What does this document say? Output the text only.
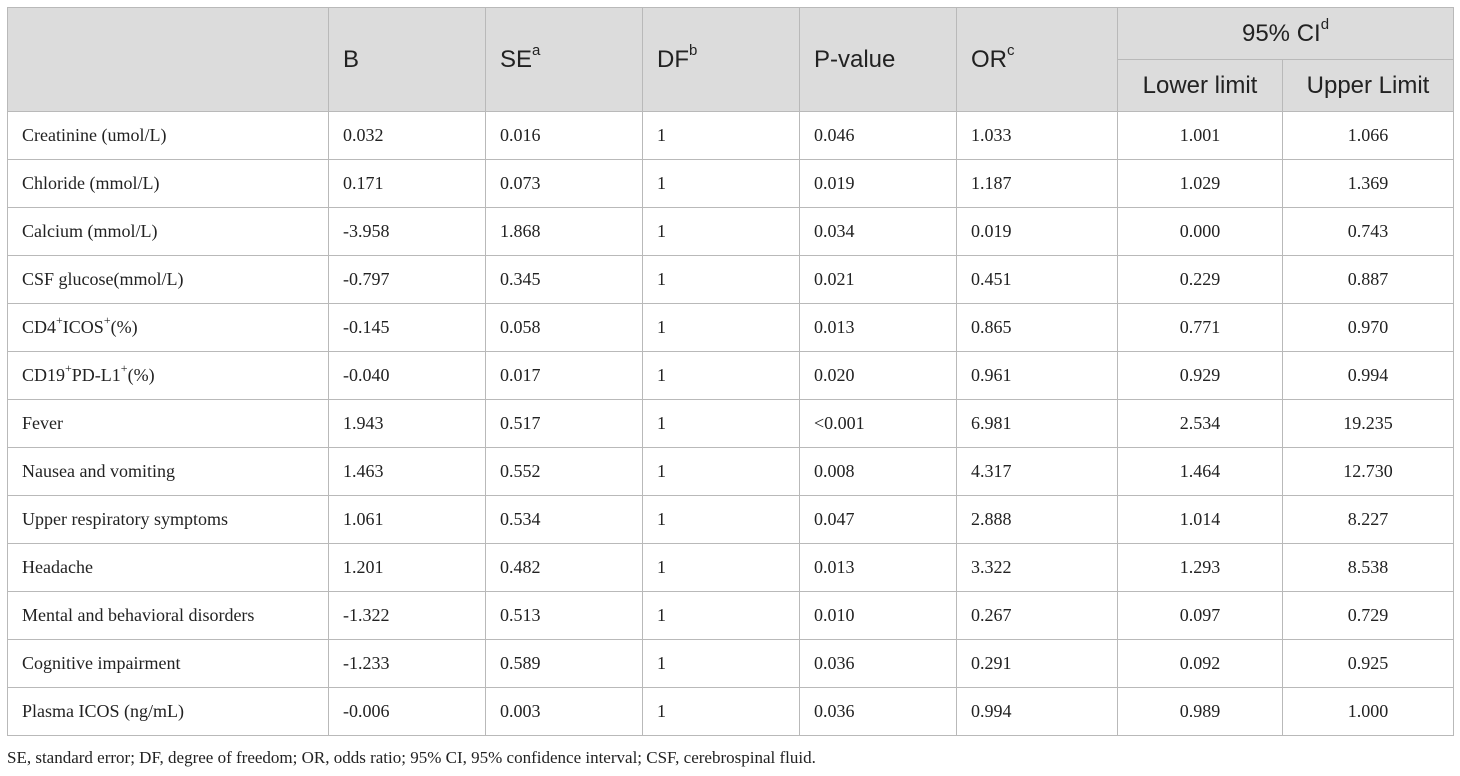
	B	$SE^a$	$DF^b$	P-value	$OR^c$	95% $CI^d$
						Lower limit	Upper Limit
Creatinine (umol/L)	0.032	0.016	1	0.046	1.033	1.001	1.066
Chloride (mmol/L)	0.171	0.073	1	0.019	1.187	1.029	1.369
Calcium (mmol/L)	-3.958	1.868	1	0.034	0.019	0.000	0.743
CSF glucose(mmol/L)	-0.797	0.345	1	0.021	0.451	0.229	0.887
CD4+ICOS+(%)	-0.145	0.058	1	0.013	0.865	0.771	0.970
CD19+PD-L1+(%)	-0.040	0.017	1	0.020	0.961	0.929	0.994
Fever	1.943	0.517	1	<0.001	6.981	2.534	19.235
Nausea and vomiting	1.463	0.552	1	0.008	4.317	1.464	12.730
Upper respiratory symptoms	1.061	0.534	1	0.047	2.888	1.014	8.227
Headache	1.201	0.482	1	0.013	3.322	1.293	8.538
Mental and behavioral disorders	-1.322	0.513	1	0.010	0.267	0.097	0.729
Cognitive impairment	-1.233	0.589	1	0.036	0.291	0.092	0.925
Plasma ICOS (ng/mL)	-0.006	0.003	1	0.036	0.994	0.989	1.000
SE, standard error; DF, degree of freedom; OR, odds ratio; 95% CI, 95% confidence interval; CSF, cerebrospinal fluid.
